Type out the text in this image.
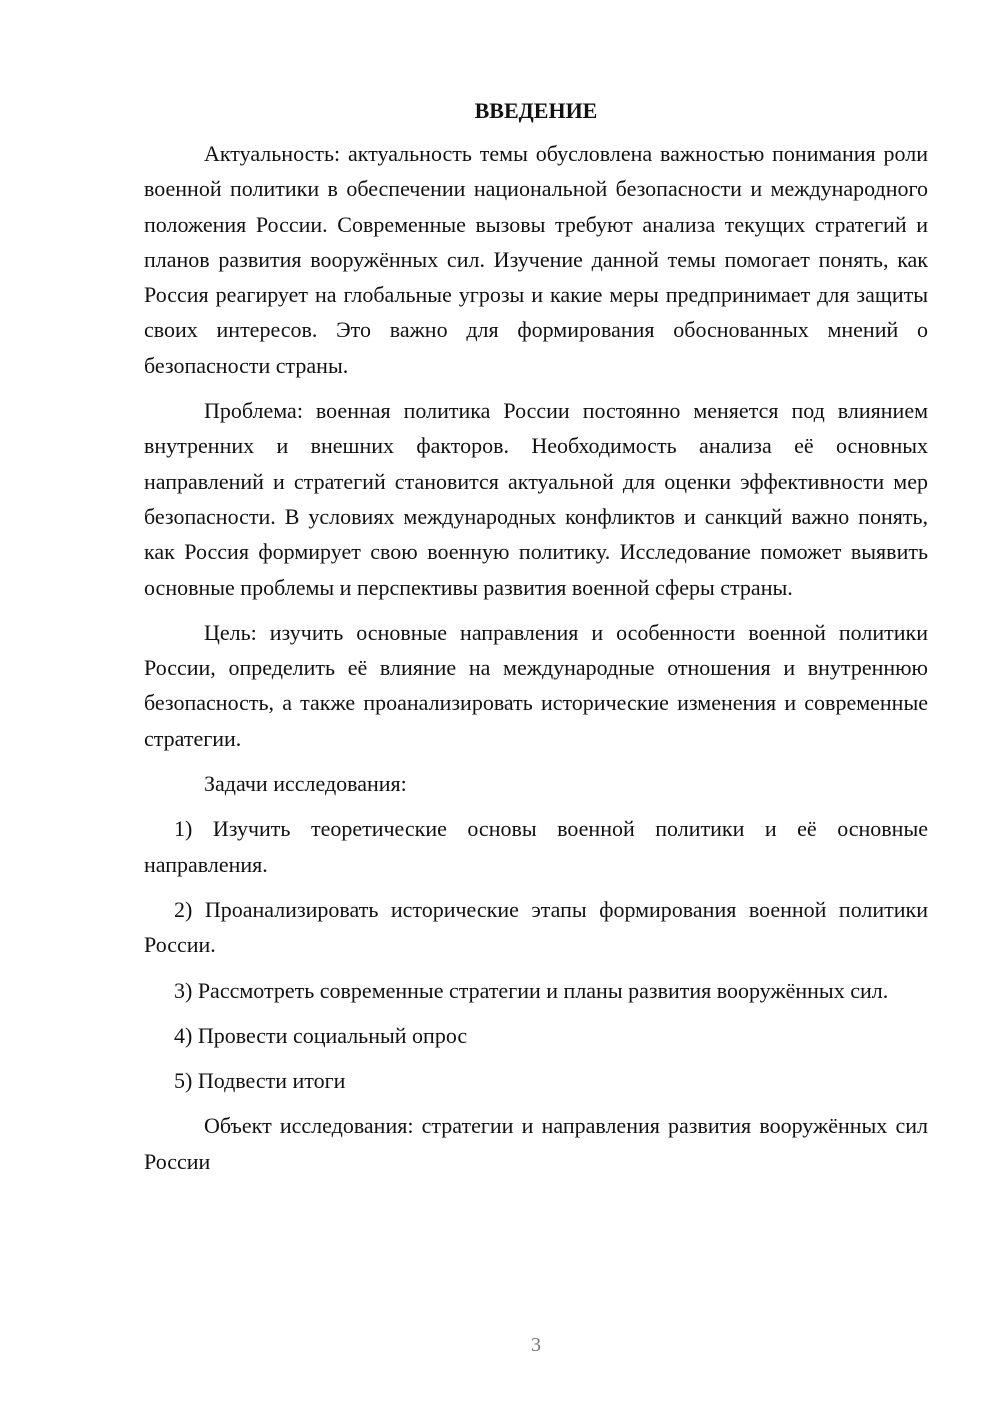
ВВЕДЕНИЕ

Актуальность: актуальность темы обусловлена важностью понимания роли военной политики в обеспечении национальной безопасности и международного положения России. Современные вызовы требуют анализа текущих стратегий и планов развития вооружённых сил. Изучение данной темы помогает понять, как Россия реагирует на глобальные угрозы и какие меры предпринимает для защиты своих интересов. Это важно для формирования обоснованных мнений о безопасности страны.

Проблема: военная политика России постоянно меняется под влиянием внутренних и внешних факторов. Необходимость анализа её основных направлений и стратегий становится актуальной для оценки эффективности мер безопасности. В условиях международных конфликтов и санкций важно понять, как Россия формирует свою военную политику. Исследование поможет выявить основные проблемы и перспективы развития военной сферы страны.

Цель: изучить основные направления и особенности военной политики России, определить её влияние на международные отношения и внутреннюю безопасность, а также проанализировать исторические изменения и современные стратегии.

Задачи исследования:

1) Изучить теоретические основы военной политики и её основные направления.

2) Проанализировать исторические этапы формирования военной политики России.

3) Рассмотреть современные стратегии и планы развития вооружённых сил.

4) Провести социальный опрос

5) Подвести итоги

Объект исследования: стратегии и направления развития вооружённых сил России

3
